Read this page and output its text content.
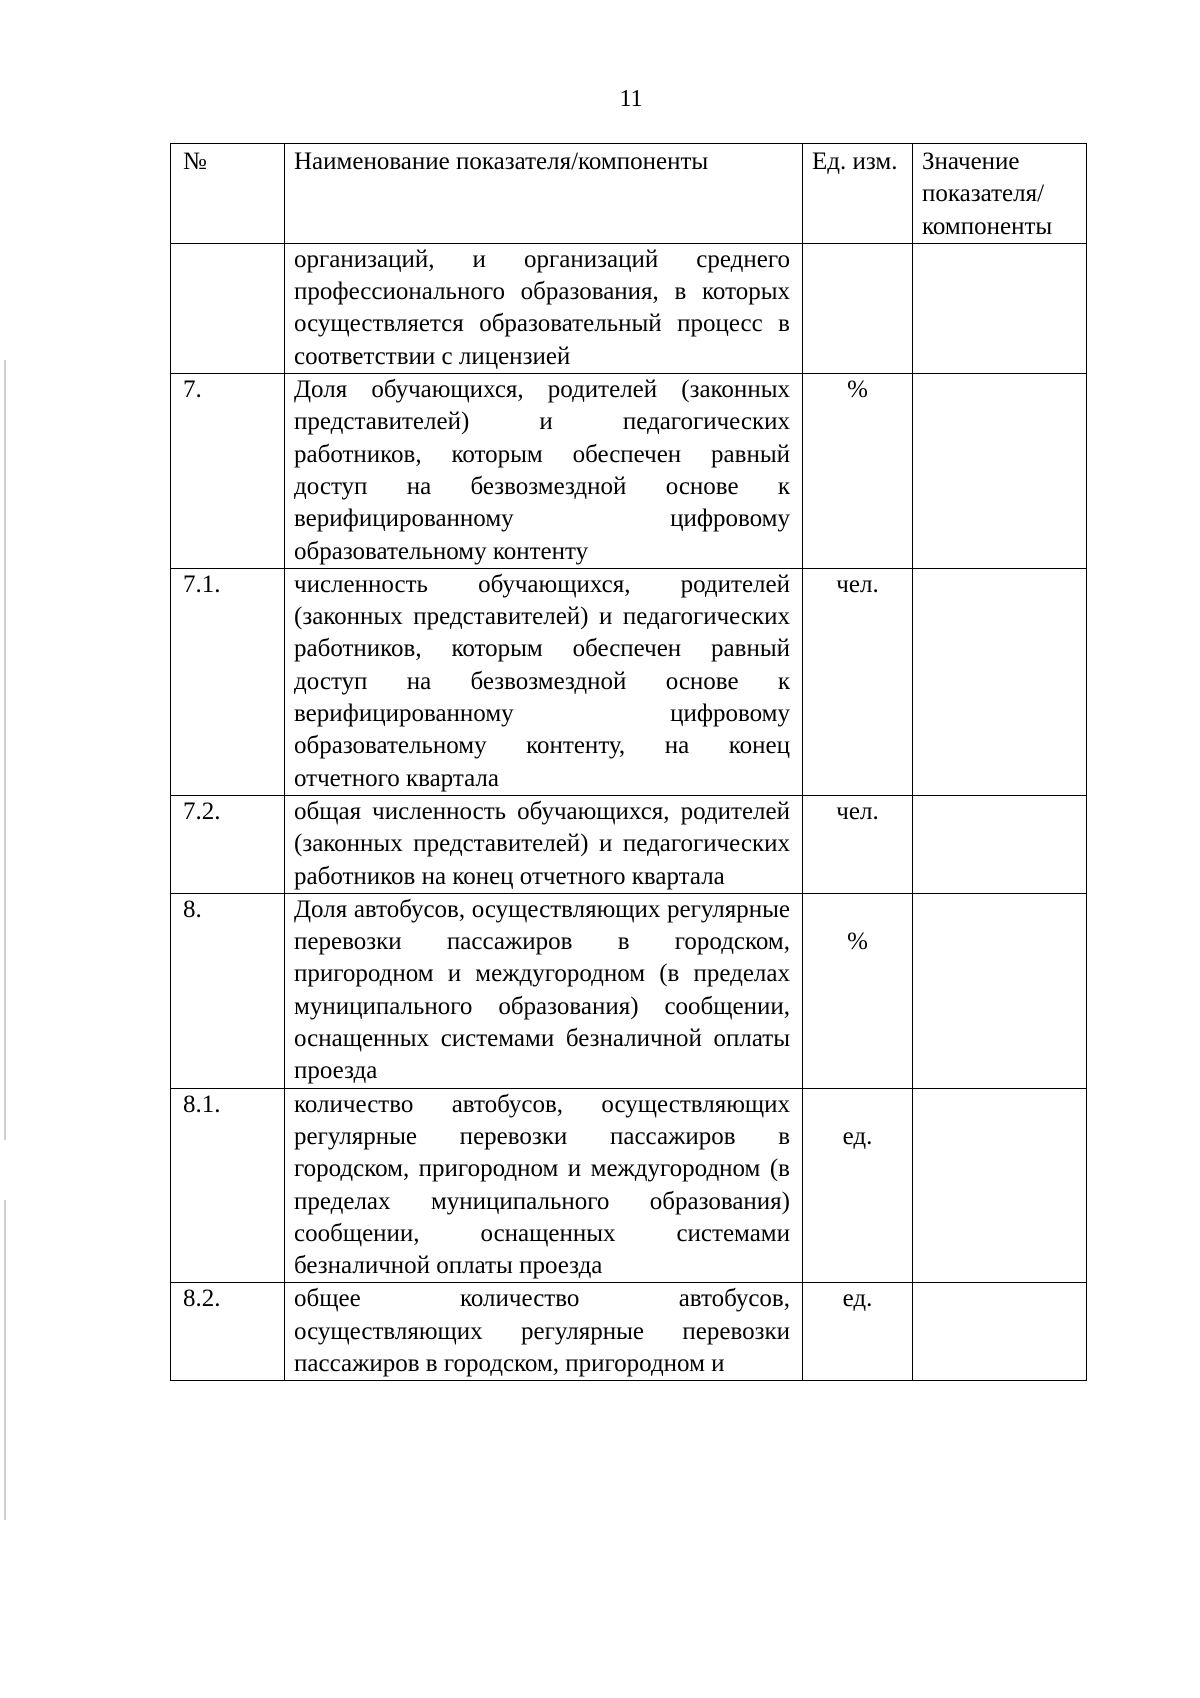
11
№	Наименование показателя/компоненты	Ед. изм.	Значение показателя/ компоненты
	организаций, и организаций среднего профессионального образования, в которых осуществляется образовательный процесс в соответствии с лицензией		
7.	Доля обучающихся, родителей (законных представителей) и педагогических работников, которым обеспечен равный доступ на безвозмездной основе к верифицированному цифровому образовательному контенту	%	
7.1.	численность обучающихся, родителей (законных представителей) и педагогических работников, которым обеспечен равный доступ на безвозмездной основе к верифицированному цифровому образовательному контенту, на конец отчетного квартала	чел.	
7.2.	общая численность обучающихся, родителей (законных представителей) и педагогических работников на конец отчетного квартала	чел.	
8.	Доля автобусов, осуществляющих регулярные перевозки пассажиров в городском, пригородном и междугородном (в пределах муниципального образования) сообщении, оснащенных системами безналичной оплаты проезда	%	
8.1.	количество автобусов, осуществляющих регулярные перевозки пассажиров в городском, пригородном и междугородном (в пределах муниципального образования) сообщении, оснащенных системами безналичной оплаты проезда	ед.	
8.2.	общее количество автобусов, осуществляющих регулярные перевозки пассажиров в городском, пригородном и	ед.	
